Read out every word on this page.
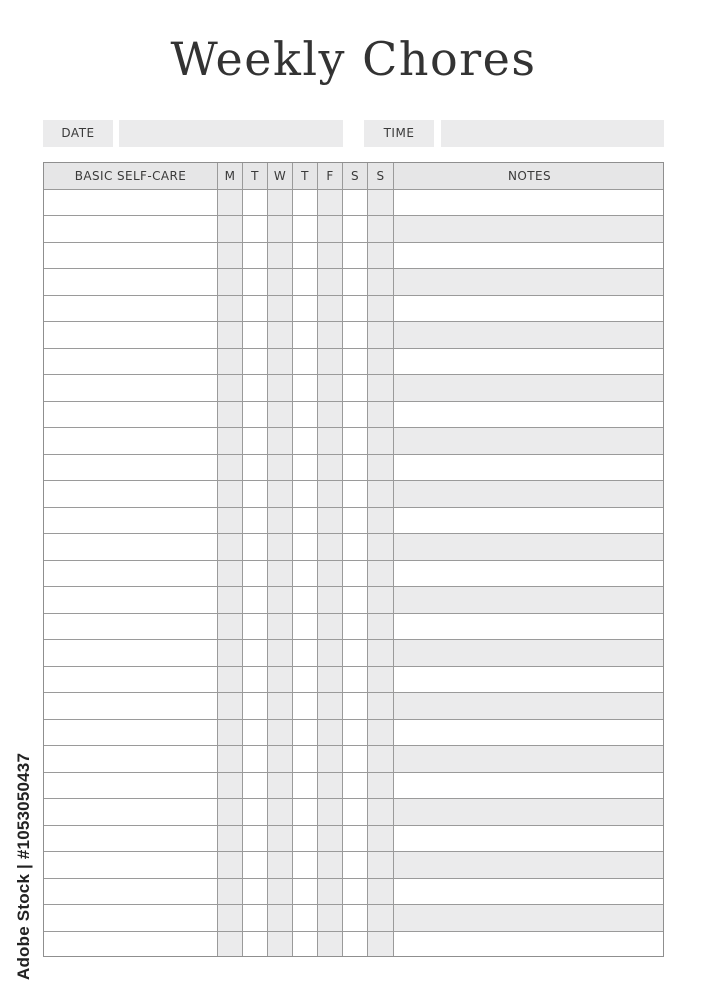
Weekly Chores
DATE	TIME
BASIC SELF-CARE	M	T	W	T	F	S	S	NOTES
Adobe Stock | #1053050437
